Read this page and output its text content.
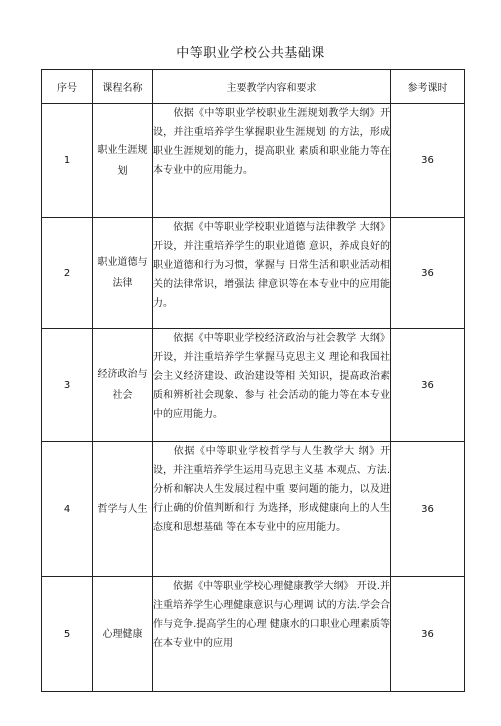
中等职业学校公共基础课
序号	课程名称	主要教学内容和要求	参考课时
1	职业生涯规划	依据《中等职业学校职业生涯规划教学大纲》开设，并注重培养学生掌握职业生涯规划 的方法，形成职业生涯规划的能力，提高职业 素质和职业能力等在本专业中的应用能力。	36
2	职业道德与法律	依据《中等职业学校职业道德与法律教学 大纲》开设，并注重培养学生的职业道德 意识，养成良好的职业道德和行为习惯，掌握与 日常生活和职业活动相关的法律常识，增强法 律意识等在本专业中的应用能力。	36
3	经济政治与社会	依据《中等职业学校经济政治与社会教学 大纲》开设，并注重培养学生掌握马克思主义 理论和我国社会主义经济建设、政治建设等相 关知识，提髙政治素质和辨析社会现象、参与 社会活动的能力等在本专业中的应用能力。	36
4	哲学与人生	依据《中等职业学校哲学与人生教学大 纲》开设，并注重培养学生运用马克思主义基 本观点、方法.分析和解决人生发展过程中重 要问题的能力，以及进行止确的价值判断和行 为选择，形成健康向上的人生态度和思想基础 等在本专业中的应用能力。	36
5	心理健康	依据《中等职业学校心理健康教学大纲》 开设.并注重培养学生心理健康意识与心理调 试的方法.学会合作与竞争.提高学生的心理 健康水的口职业心理素质等在本专业中的应用	36
